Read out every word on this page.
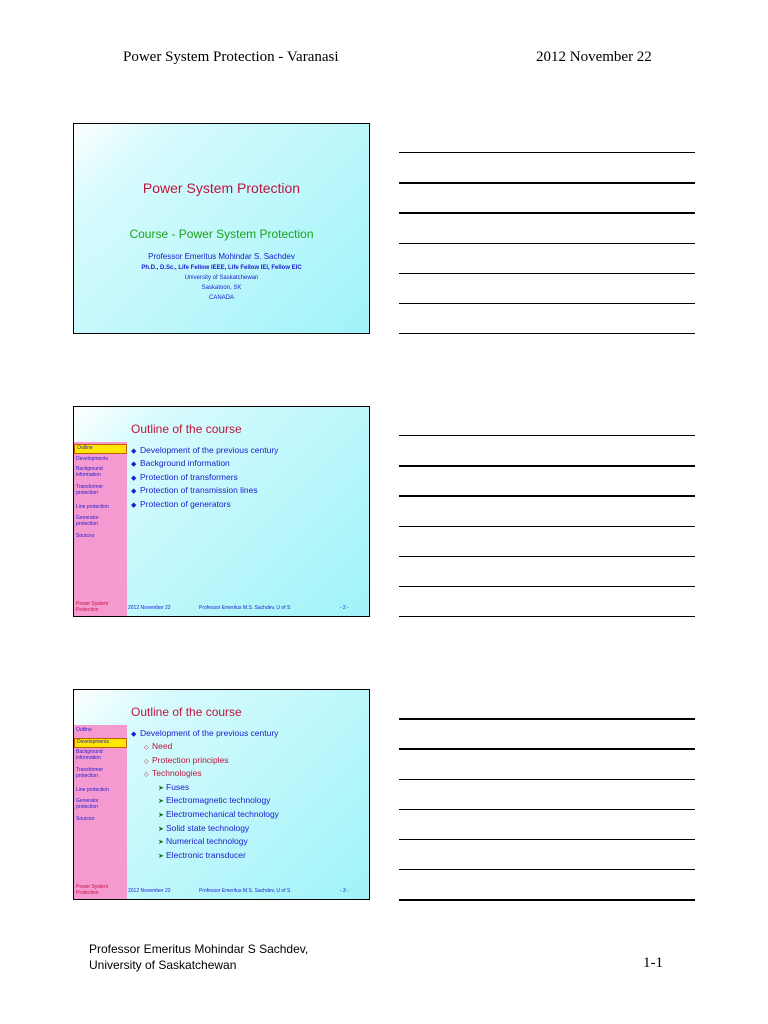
Power System Protection - Varanasi	2012 November 22
Power System Protection
Course - Power System Protection
Professor Emeritus Mohindar S. Sachdev
Ph.D., D.Sc., Life Fellow IEEE, Life Fellow IEI, Fellow EIC
University of Saskatchewan
Saskatoon, SK
CANADA
Outline of the course
Outline
Developments
Background information
Transformer protection
Line protection
Generator protection
Sources
Power System Protection
◆ Development of the previous century
◆ Background information
◆ Protection of transformers
◆ Protection of transmission lines
◆ Protection of generators
2012 November 22	Professor Emeritus M.S. Sachdev, U of S	- 2 -
Outline of the course
Outline
Developments
Background information
Transformer protection
Line protection
Generator protection
Sources
Power System Protection
◆ Development of the previous century
◇ Need
◇ Protection principles
◇ Technologies
➤ Fuses
➤ Electromagnetic technology
➤ Electromechanical technology
➤ Solid state technology
➤ Numerical technology
➤ Electronic transducer
2012 November 22	Professor Emeritus M.S. Sachdev, U of S	- 3 -
Professor Emeritus Mohindar S Sachdev,
University of Saskatchewan	1-1
